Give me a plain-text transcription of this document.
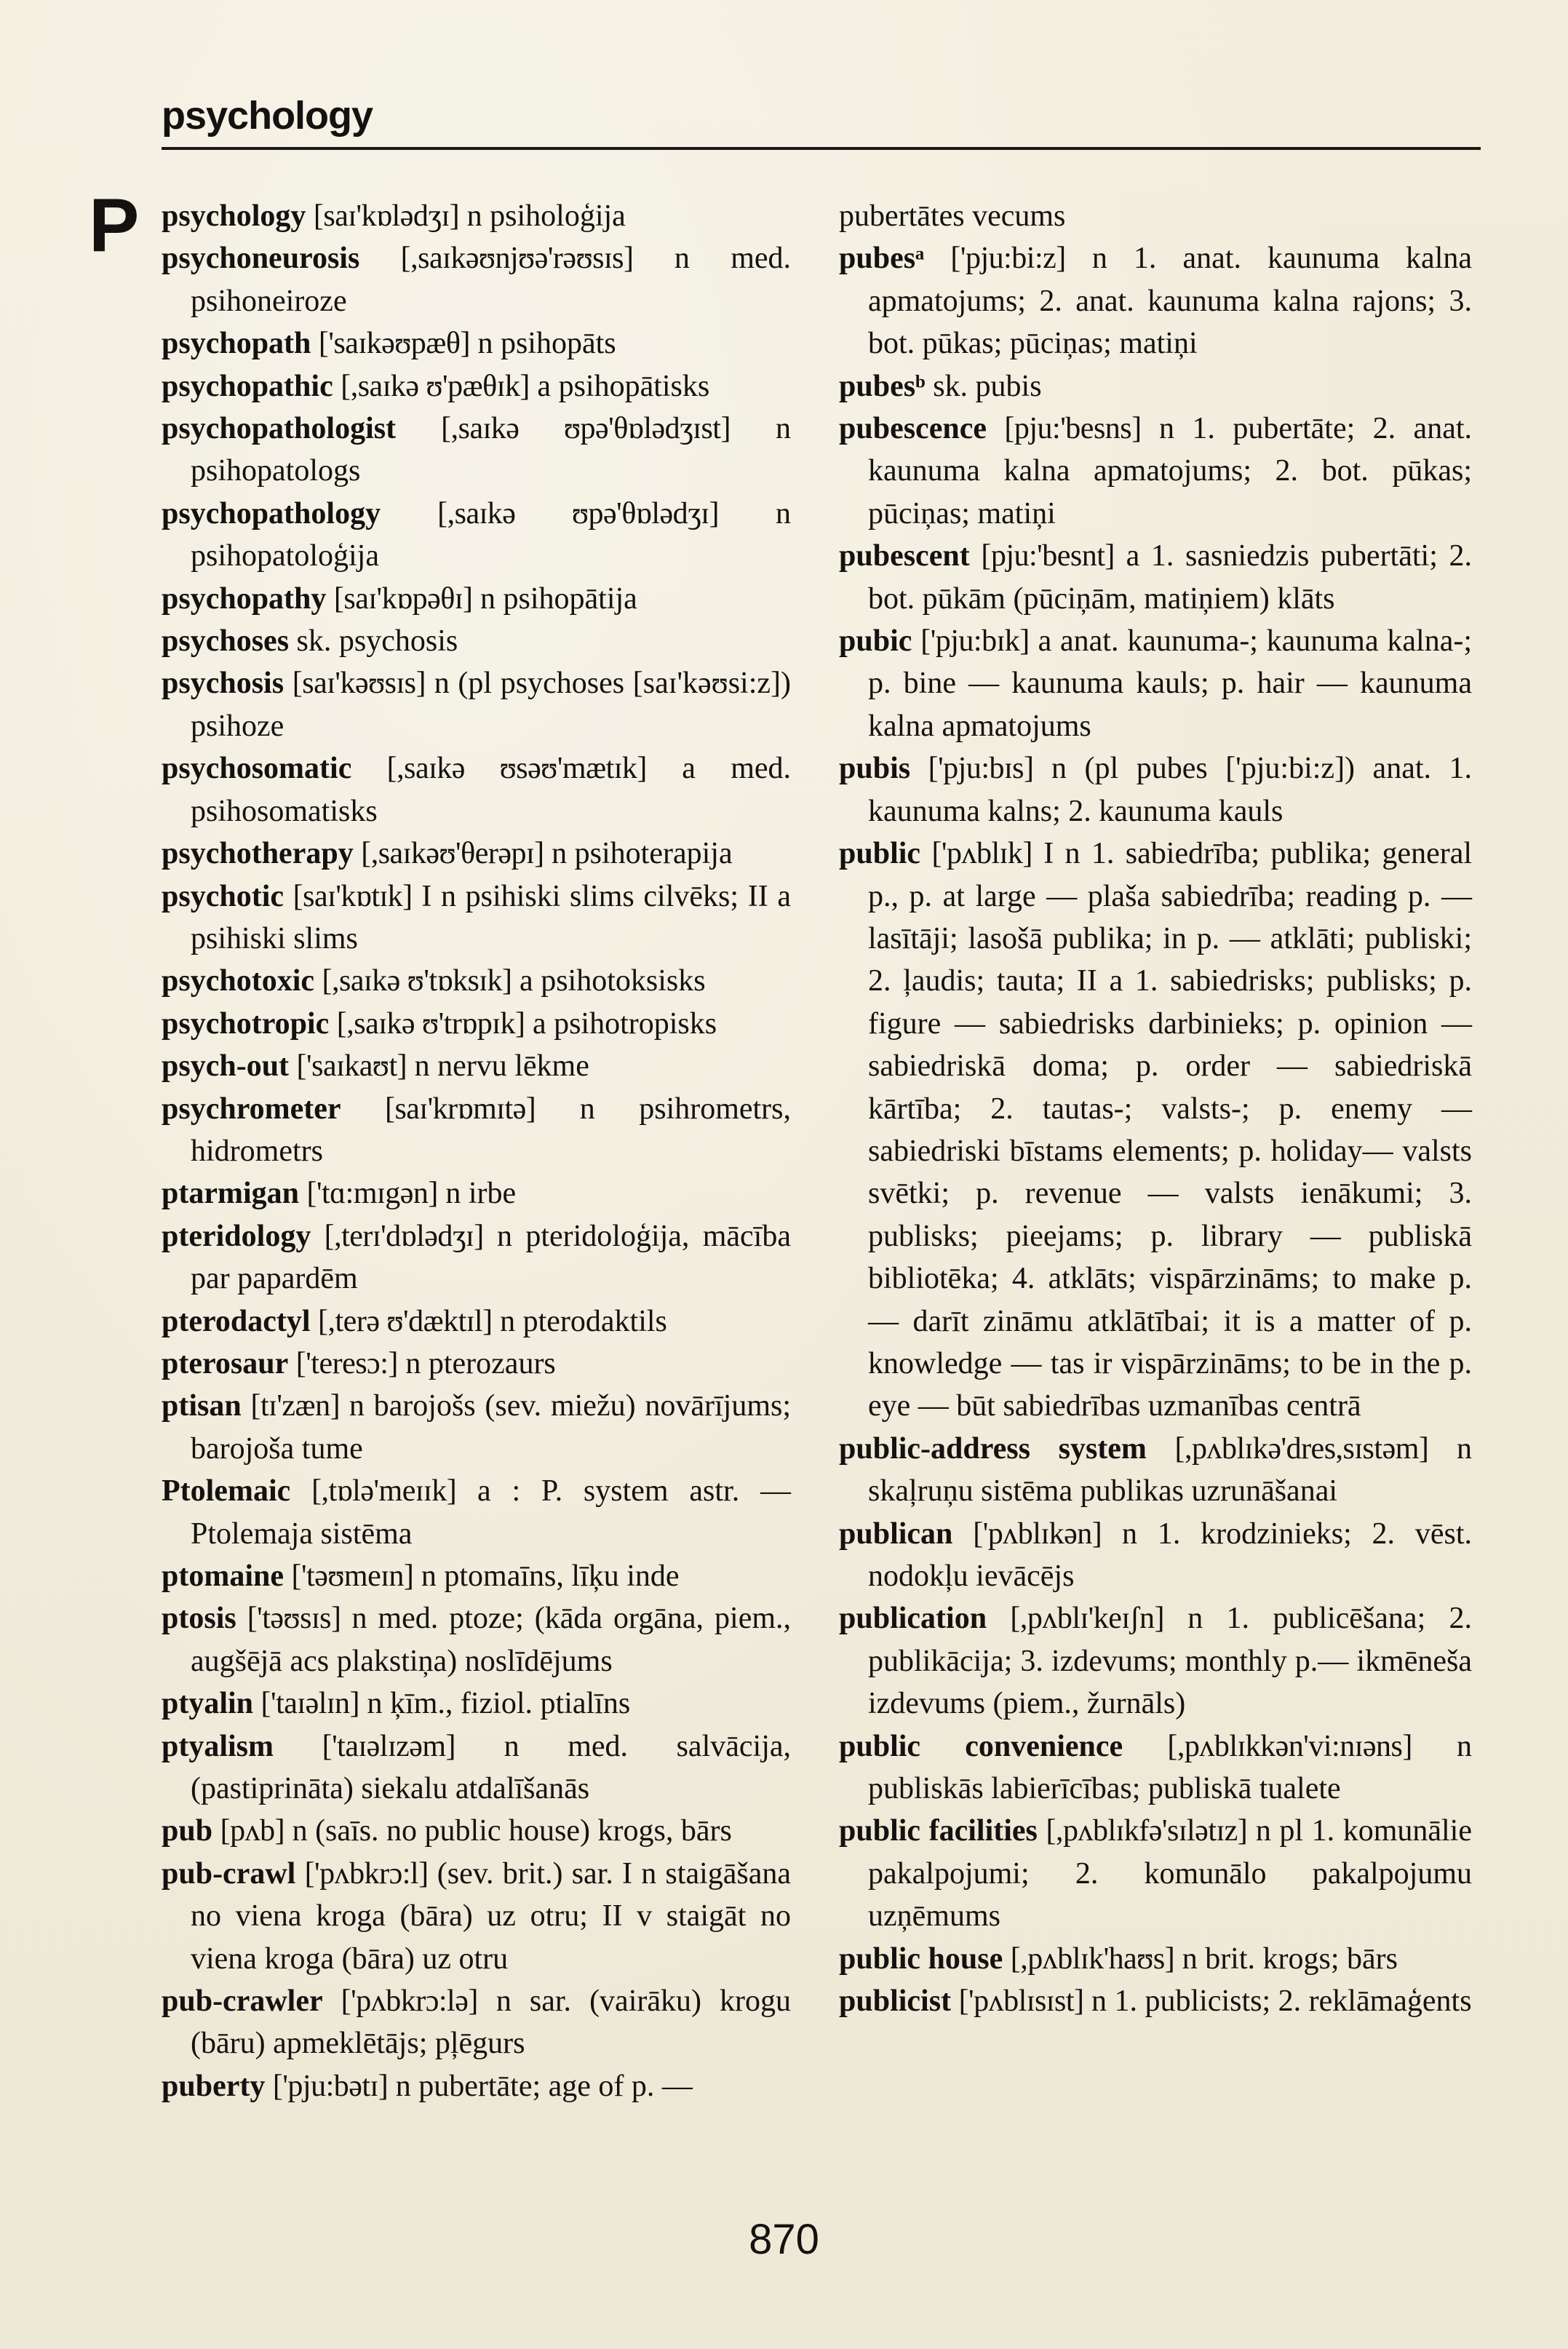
psychology
P psychology [saɪ'kɒlədʒɪ] n psiholoģija

psychoneurosis [,saɪkəʊnjʊə'rəʊsɪs] n med. psihoneiroze

psychopath ['saɪkəʊpæθ] n psihopāts

psychopathic [,saɪkə ʊ'pæθɪk] a psihopātisks

psychopathologist [,saɪkə ʊpə'θɒlədʒɪst] n psihopatologs

psychopathology [,saɪkə ʊpə'θɒlədʒɪ] n psihopatoloģija

psychopathy [saɪ'kɒpəθɪ] n psihopātija

psychoses sk. psychosis

psychosis [saɪ'kəʊsɪs] n (pl psychoses [saɪ'kəʊsi:z]) psihoze

psychosomatic [,saɪkə ʊsəʊ'mætɪk] a med. psihosomatisks

psychotherapy [,saɪkəʊ'θerəpɪ] n psihoterapija

psychotic [saɪ'kɒtɪk] I n psihiski slims cilvēks; II a psihiski slims

psychotoxic [,saɪkə ʊ'tɒksɪk] a psihotoksisks

psychotropic [,saɪkə ʊ'trɒpɪk] a psihotropisks

psych-out ['saɪkaʊt] n nervu lēkme

psychrometer [saɪ'krɒmɪtə] n psihrometrs, hidrometrs

ptarmigan ['tɑ:mɪgən] n irbe

pteridology [,terɪ'dɒlədʒɪ] n pteridoloģija, mācība par papardēm

pterodactyl [,terə ʊ'dæktɪl] n pterodaktils

pterosaur ['teresɔ:] n pterozaurs

ptisan [tɪ'zæn] n barojošs (sev. miežu) novārījums; barojoša tume

Ptolemaic [,tɒlə'meɪɪk] a : P. system astr. — Ptolemaja sistēma

ptomaine ['təʊmeɪn] n ptomaīns, līķu inde

ptosis ['təʊsɪs] n med. ptoze; (kāda orgāna, piem., augšējā acs plakstiņa) noslīdējums

ptyalin ['taɪəlɪn] n ķīm., fiziol. ptialīns

ptyalism ['taɪəlɪzəm] n med. salvācija, (pastiprināta) siekalu atdalīšanās

pub [pʌb] n (saīs. no public house) krogs, bārs

pub-crawl ['pʌbkrɔ:l] (sev. brit.) sar. I n staigāšana no viena kroga (bāra) uz otru; II v staigāt no viena kroga (bāra) uz otru

pub-crawler ['pʌbkrɔ:lə] n sar. (vairāku) krogu (bāru) apmeklētājs; pļēgurs

puberty ['pju:bətɪ] n pubertāte; age of p. —

pubertātes vecums

pubesᵃ ['pju:bi:z] n 1. anat. kaunuma kalna apmatojums; 2. anat. kaunuma kalna rajons; 3. bot. pūkas; pūciņas; matiņi

pubesᵇ sk. pubis

pubescence [pju:'besns] n 1. pubertāte; 2. anat. kaunuma kalna apmatojums; 2. bot. pūkas; pūciņas; matiņi

pubescent [pju:'besnt] a 1. sasniedzis pubertāti; 2. bot. pūkām (pūciņām, matiņiem) klāts

pubic ['pju:bɪk] a anat. kaunuma-; kaunuma kalna-; p. bine — kaunuma kauls; p. hair — kaunuma kalna apmatojums

pubis ['pju:bɪs] n (pl pubes ['pju:bi:z]) anat. 1. kaunuma kalns; 2. kaunuma kauls

public ['pʌblɪk] I n 1. sabiedrība; publika; general p., p. at large — plaša sabiedrība; reading p. — lasītāji; lasošā publika; in p. — atklāti; publiski; 2. ļaudis; tauta; II a 1. sabiedrisks; publisks; p. figure — sabiedrisks darbinieks; p. opinion — sabiedriskā doma; p. order — sabiedriskā kārtība; 2. tautas-; valsts-; p. enemy — sabiedriski bīstams elements; p. holiday— valsts svētki; p. revenue — valsts ienākumi; 3. publisks; pieejams; p. library — publiskā bibliotēka; 4. atklāts; vispārzināms; to make p. — darīt zināmu atklātībai; it is a matter of p. knowledge — tas ir vispārzināms; to be in the p. eye — būt sabiedrības uzmanības centrā

public-address system [,pʌblɪkə'dres,sɪstəm] n skaļruņu sistēma publikas uzrunāšanai

publican ['pʌblɪkən] n 1. krodzinieks; 2. vēst. nodokļu ievācējs

publication [,pʌblɪ'keɪʃn] n 1. publicēšana; 2. publikācija; 3. izdevums; monthly p.— ikmēneša izdevums (piem., žurnāls)

public convenience [,pʌblɪkkən'vi:nɪəns] n publiskās labierīcības; publiskā tualete

public facilities [,pʌblɪkfə'sɪlətɪz] n pl 1. komunālie pakalpojumi; 2. komunālo pakalpojumu uzņēmums

public house [,pʌblɪk'haʊs] n brit. krogs; bārs

publicist ['pʌblɪsɪst] n 1. publicists; 2. reklāmaģents

870
